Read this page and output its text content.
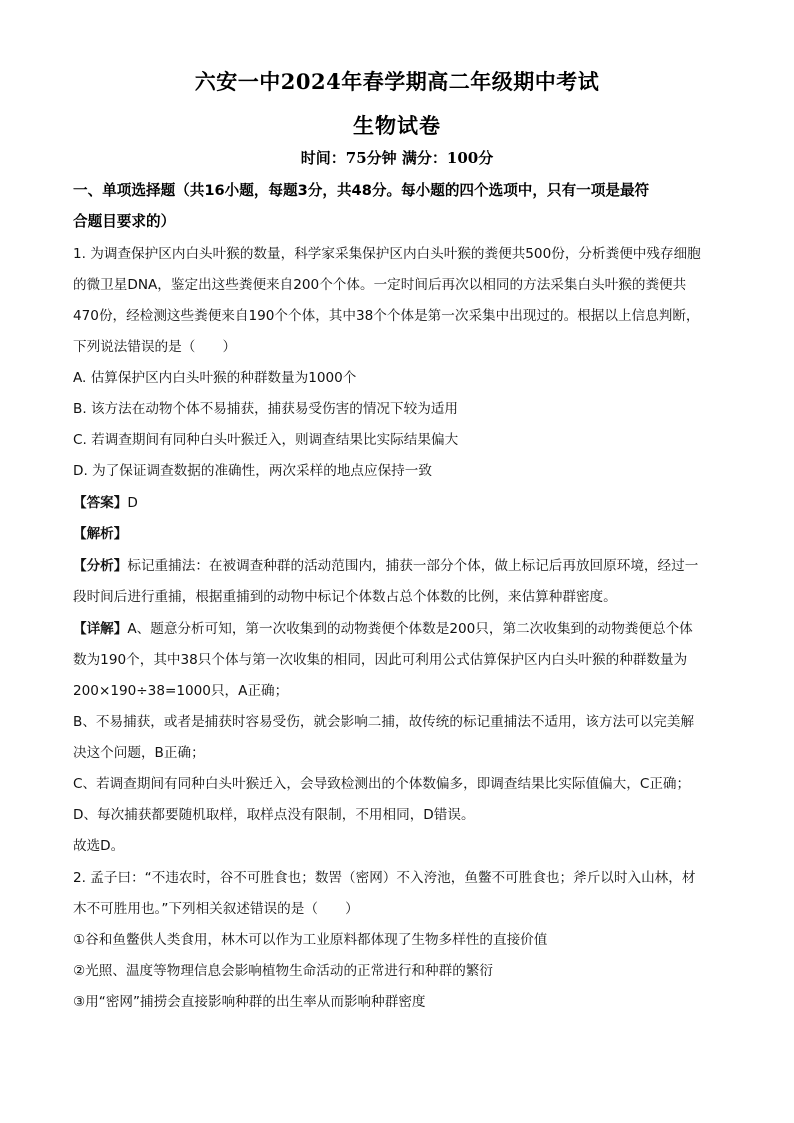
六安一中2024年春学期高二年级期中考试
生物试卷
时间：75分钟 满分：100分
一、单项选择题（共16小题，每题3分，共48分。每小题的四个选项中，只有一项是最符
合题目要求的）
1. 为调查保护区内白头叶猴的数量，科学家采集保护区内白头叶猴的粪便共500份，分析粪便中残存细胞
的微卫星DNA，鉴定出这些粪便来自200个个体。一定时间后再次以相同的方法采集白头叶猴的粪便共
470份，经检测这些粪便来自190个个体，其中38个个体是第一次采集中出现过的。根据以上信息判断，
下列说法错误的是（　　）
A. 估算保护区内白头叶猴的种群数量为1000个
B. 该方法在动物个体不易捕获，捕获易受伤害的情况下较为适用
C. 若调查期间有同种白头叶猴迁入，则调查结果比实际结果偏大
D. 为了保证调查数据的准确性，两次采样的地点应保持一致
【答案】D
【解析】
【分析】标记重捕法：在被调查种群的活动范围内，捕获一部分个体，做上标记后再放回原环境，经过一
段时间后进行重捕，根据重捕到的动物中标记个体数占总个体数的比例，来估算种群密度。
【详解】A、题意分析可知，第一次收集到的动物粪便个体数是200只，第二次收集到的动物粪便总个体
数为190个，其中38只个体与第一次收集的相同，因此可利用公式估算保护区内白头叶猴的种群数量为
200×190÷38=1000只，A正确；
B、不易捕获，或者是捕获时容易受伤，就会影响二捕，故传统的标记重捕法不适用，该方法可以完美解
决这个问题，B正确；
C、若调查期间有同种白头叶猴迁入，会导致检测出的个体数偏多，即调查结果比实际值偏大，C正确；
D、每次捕获都要随机取样，取样点没有限制，不用相同，D错误。
故选D。
2. 孟子曰：“不违农时，谷不可胜食也；数罟（密网）不入洿池，鱼鳖不可胜食也；斧斤以时入山林，材
木不可胜用也。”下列相关叙述错误的是（　　）
①谷和鱼鳖供人类食用，林木可以作为工业原料都体现了生物多样性的直接价值
②光照、温度等物理信息会影响植物生命活动的正常进行和种群的繁衍
③用“密网”捕捞会直接影响种群的出生率从而影响种群密度
